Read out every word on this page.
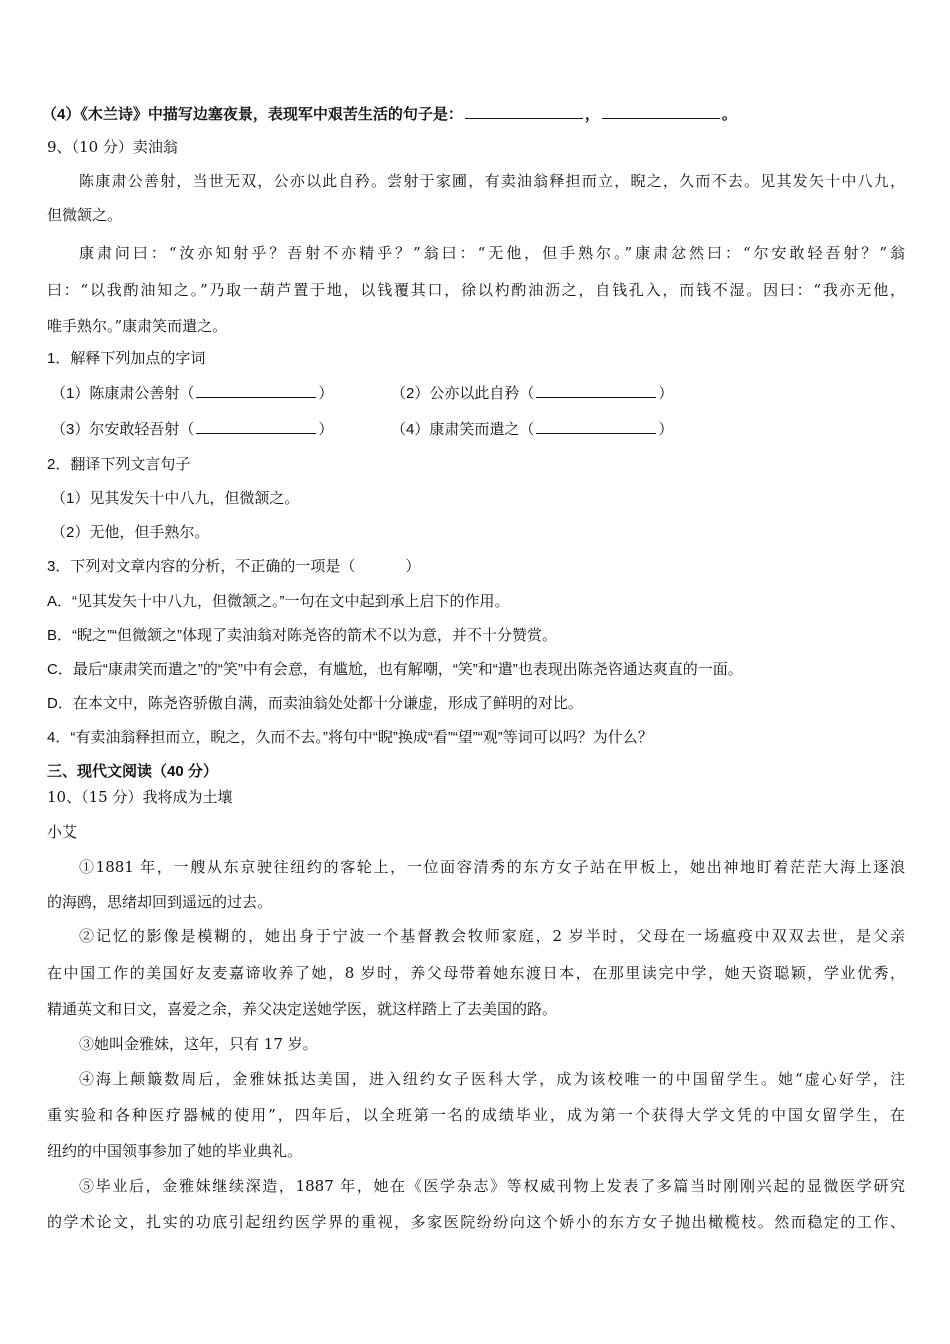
（4）《木兰诗》中描写边塞夜景，表现军中艰苦生活的句子是：	，	。
9、（10 分）卖油翁
陈康肃公善射，当世无双，公亦以此自矜。尝射于家圃，有卖油翁释担而立，睨之，久而不去。见其发矢十中八九，
但微颔之。
康肃问曰：“汝亦知射乎？吾射不亦精乎？”翁曰：“无他，但手熟尔。”康肃忿然曰：“尔安敢轻吾射？”翁
曰：“以我酌油知之。”乃取一葫芦置于地，以钱覆其口，徐以杓酌油沥之，自钱孔入，而钱不湿。因曰：“我亦无他，
唯手熟尔。”康肃笑而遣之。
1．解释下列加点的字词
（1）陈康肃公善射（	）	（2）公亦以此自矜（	）
（3）尔安敢轻吾射（	）	（4）康肃笑而遣之（	）
2．翻译下列文言句子
（1）见其发矢十中八九，但微颔之。
（2）无他，但手熟尔。
3．下列对文章内容的分析，不正确的一项是（	）
A．“见其发矢十中八九，但微颔之。”一句在文中起到承上启下的作用。
B．“睨之”“但微颔之”体现了卖油翁对陈尧咨的箭术不以为意，并不十分赞赏。
C．最后“康肃笑而遣之”的“笑”中有会意，有尴尬，也有解嘲，“笑”和“遣”也表现出陈尧咨通达爽直的一面。
D．在本文中，陈尧咨骄傲自满，而卖油翁处处都十分谦虚，形成了鲜明的对比。
4．“有卖油翁释担而立，睨之，久而不去。”将句中“睨”换成“看”“望”“观”等词可以吗？为什么？
三、现代文阅读（40 分）
10、（15 分）我将成为土壤
小艾
①1881 年，一艘从东京驶往纽约的客轮上，一位面容清秀的东方女子站在甲板上，她出神地盯着茫茫大海上逐浪
的海鸥，思绪却回到遥远的过去。
②记忆的影像是模糊的，她出身于宁波一个基督教会牧师家庭，2 岁半时，父母在一场瘟疫中双双去世，是父亲
在中国工作的美国好友麦嘉谛收养了她，8 岁时，养父母带着她东渡日本，在那里读完中学，她天资聪颖，学业优秀，
精通英文和日文，喜爱之余，养父决定送她学医，就这样踏上了去美国的路。
③她叫金雅妹，这年，只有 17 岁。
④海上颠簸数周后，金雅妹抵达美国，进入纽约女子医科大学，成为该校唯一的中国留学生。她“虚心好学，注
重实验和各种医疗器械的使用”，四年后，以全班第一名的成绩毕业，成为第一个获得大学文凭的中国女留学生，在
纽约的中国领事参加了她的毕业典礼。
⑤毕业后，金雅妹继续深造，1887 年，她在《医学杂志》等权威刊物上发表了多篇当时刚刚兴起的显微医学研究
的学术论文，扎实的功底引起纽约医学界的重视，多家医院纷纷向这个娇小的东方女子抛出橄榄枝。然而稳定的工作、
